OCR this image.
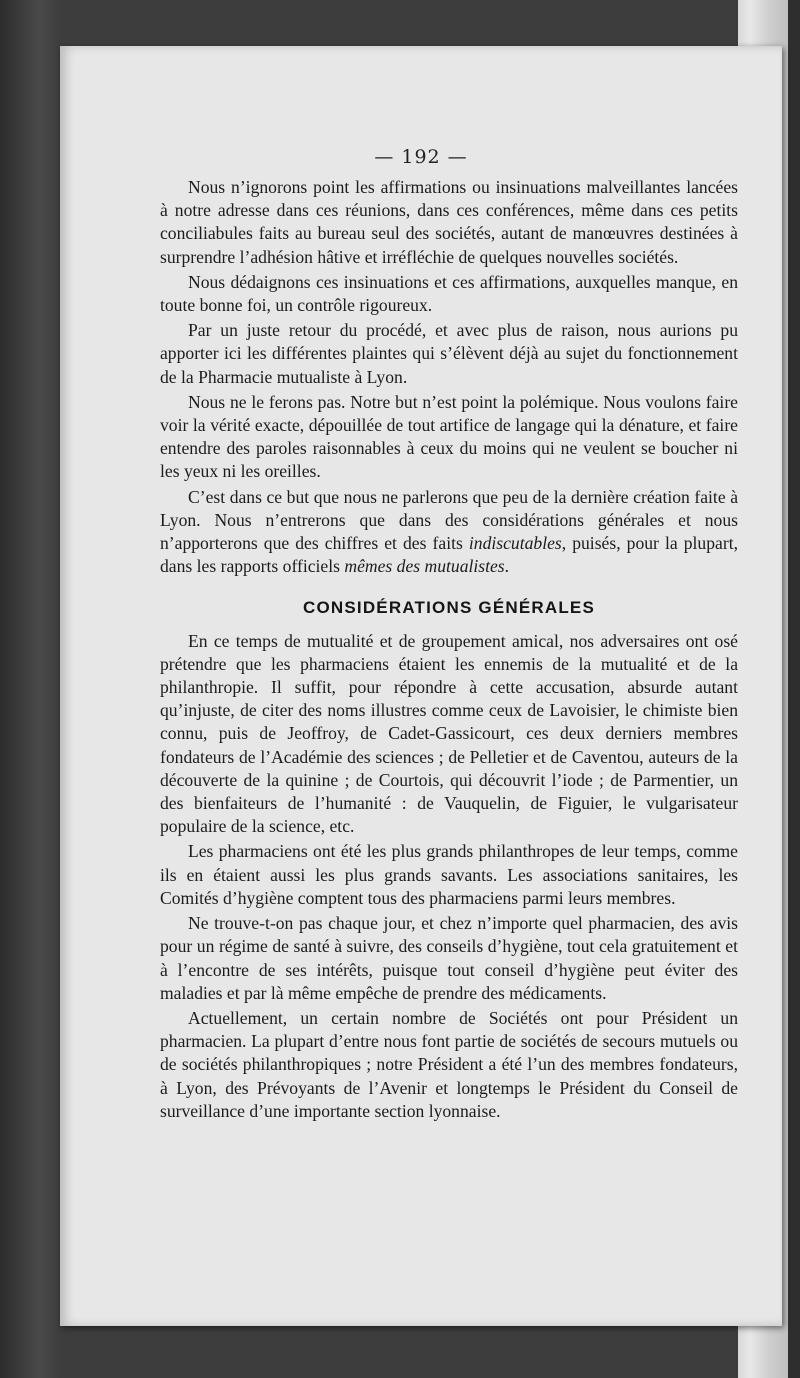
— 192 —

Nous n’ignorons point les affirmations ou insinuations malveillantes lancées à notre adresse dans ces réunions, dans ces conférences, même dans ces petits conciliabules faits au bureau seul des sociétés, autant de manœuvres destinées à surprendre l’adhésion hâtive et irréfléchie de quelques nouvelles sociétés.

Nous dédaignons ces insinuations et ces affirmations, auxquelles manque, en toute bonne foi, un contrôle rigoureux.

Par un juste retour du procédé, et avec plus de raison, nous aurions pu apporter ici les différentes plaintes qui s’élèvent déjà au sujet du fonctionnement de la Pharmacie mutualiste à Lyon.

Nous ne le ferons pas. Notre but n’est point la polémique. Nous voulons faire voir la vérité exacte, dépouillée de tout artifice de langage qui la dénature, et faire entendre des paroles raisonnables à ceux du moins qui ne veulent se boucher ni les yeux ni les oreilles.

C’est dans ce but que nous ne parlerons que peu de la dernière création faite à Lyon. Nous n’entrerons que dans des considérations générales et nous n’apporterons que des chiffres et des faits indiscutables, puisés, pour la plupart, dans les rapports officiels mêmes des mutualistes.

CONSIDÉRATIONS GÉNÉRALES

En ce temps de mutualité et de groupement amical, nos adversaires ont osé prétendre que les pharmaciens étaient les ennemis de la mutualité et de la philanthropie. Il suffit, pour répondre à cette accusation, absurde autant qu’injuste, de citer des noms illustres comme ceux de Lavoisier, le chimiste bien connu, puis de Jeoffroy, de Cadet-Gassicourt, ces deux derniers membres fondateurs de l’Académie des sciences ; de Pelletier et de Caventou, auteurs de la découverte de la quinine ; de Courtois, qui découvrit l’iode ; de Parmentier, un des bienfaiteurs de l’humanité : de Vauquelin, de Figuier, le vulgarisateur populaire de la science, etc.

Les pharmaciens ont été les plus grands philanthropes de leur temps, comme ils en étaient aussi les plus grands savants. Les associations sanitaires, les Comités d’hygiène comptent tous des pharmaciens parmi leurs membres.

Ne trouve-t-on pas chaque jour, et chez n’importe quel pharmacien, des avis pour un régime de santé à suivre, des conseils d’hygiène, tout cela gratuitement et à l’encontre de ses intérêts, puisque tout conseil d’hygiène peut éviter des maladies et par là même empêche de prendre des médicaments.

Actuellement, un certain nombre de Sociétés ont pour Président un pharmacien. La plupart d’entre nous font partie de sociétés de secours mutuels ou de sociétés philanthropiques ; notre Président a été l’un des membres fondateurs, à Lyon, des Prévoyants de l’Avenir et longtemps le Président du Conseil de surveillance d’une importante section lyonnaise.
